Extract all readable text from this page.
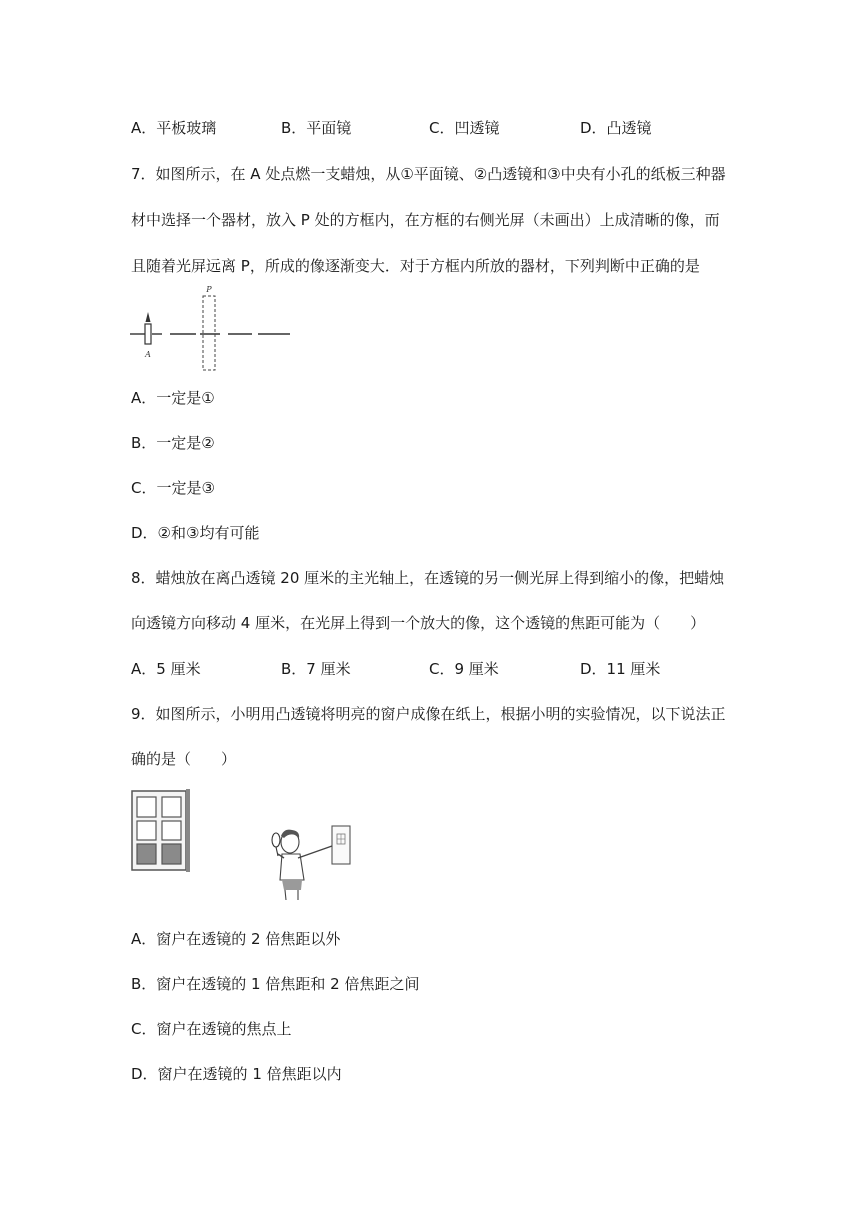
A．平板玻璃	B．平面镜	C．凹透镜	D．凸透镜
7．如图所示，在 A 处点燃一支蜡烛，从①平面镜、②凸透镜和③中央有小孔的纸板三种器
材中选择一个器材，放入 P 处的方框内，在方框的右侧光屏（未画出）上成清晰的像，而
且随着光屏远离 P，所成的像逐渐变大．对于方框内所放的器材，下列判断中正确的是
P
A
A．一定是①
B．一定是②
C．一定是③
D．②和③均有可能
8．蜡烛放在离凸透镜 20 厘米的主光轴上，在透镜的另一侧光屏上得到缩小的像，把蜡烛
向透镜方向移动 4 厘米，在光屏上得到一个放大的像，这个透镜的焦距可能为（　　）
A．5 厘米	B．7 厘米	C．9 厘米	D．11 厘米
9．如图所示，小明用凸透镜将明亮的窗户成像在纸上，根据小明的实验情况，以下说法正
确的是（　　）
A．窗户在透镜的 2 倍焦距以外
B．窗户在透镜的 1 倍焦距和 2 倍焦距之间
C．窗户在透镜的焦点上
D．窗户在透镜的 1 倍焦距以内
